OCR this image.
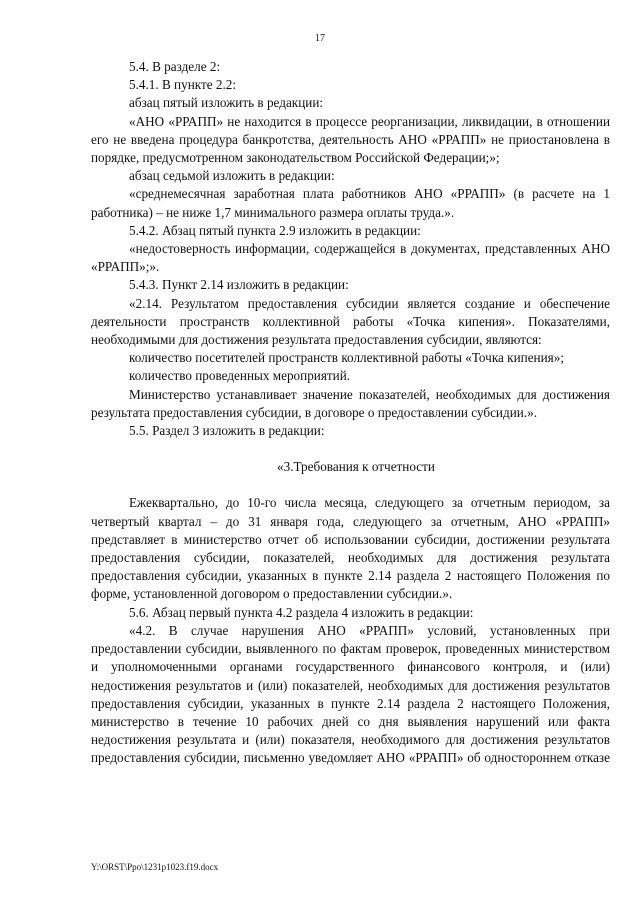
17

5.4. В разделе 2:

5.4.1. В пункте 2.2:

абзац пятый изложить в редакции:

«АНО «РРАПП» не находится в процессе реорганизации, ликвидации, в отношении его не введена процедура банкротства, деятельность АНО «РРАПП» не приостановлена в порядке, предусмотренном законодательством Российской Федерации;»;

абзац седьмой изложить в редакции:

«среднемесячная заработная плата работников АНО «РРАПП» (в расчете на 1 работника) – не ниже 1,7 минимального размера оплаты труда.».

5.4.2. Абзац пятый пункта 2.9 изложить в редакции:

«недостоверность информации, содержащейся в документах, представленных АНО «РРАПП»;».

5.4.3. Пункт 2.14 изложить в редакции:

«2.14. Результатом предоставления субсидии является создание и обеспечение деятельности пространств коллективной работы «Точка кипения». Показателями, необходимыми для достижения результата предоставления субсидии, являются:

количество посетителей пространств коллективной работы «Точка кипения»;

количество проведенных мероприятий.

Министерство устанавливает значение показателей, необходимых для достижения результата предоставления субсидии, в договоре о предоставлении субсидии.».

5.5. Раздел 3 изложить в редакции:

«3.Требования к отчетности

Ежеквартально, до 10-го числа месяца, следующего за отчетным периодом, за четвертый квартал – до 31 января года, следующего за отчетным, АНО «РРАПП» представляет в министерство отчет об использовании субсидии, достижении результата предоставления субсидии, показателей, необходимых для достижения результата предоставления субсидии, указанных в пункте 2.14 раздела 2 настоящего Положения по форме, установленной договором о предоставлении субсидии.».

5.6. Абзац первый пункта 4.2 раздела 4 изложить в редакции:

«4.2. В случае нарушения АНО «РРАПП» условий, установленных при предоставлении субсидии, выявленного по фактам проверок, проведенных министерством и уполномоченными органами государственного финансового контроля, и (или) недостижения результатов и (или) показателей, необходимых для достижения результатов предоставления субсидии, указанных в пункте 2.14 раздела 2 настоящего Положения, министерство в течение 10 рабочих дней со дня выявления нарушений или факта недостижения результата и (или) показателя, необходимого для достижения результатов предоставления субсидии, письменно уведомляет АНО «РРАПП» об одностороннем отказе

Y:\ORST\Ppo\1231p1023.f19.docx
